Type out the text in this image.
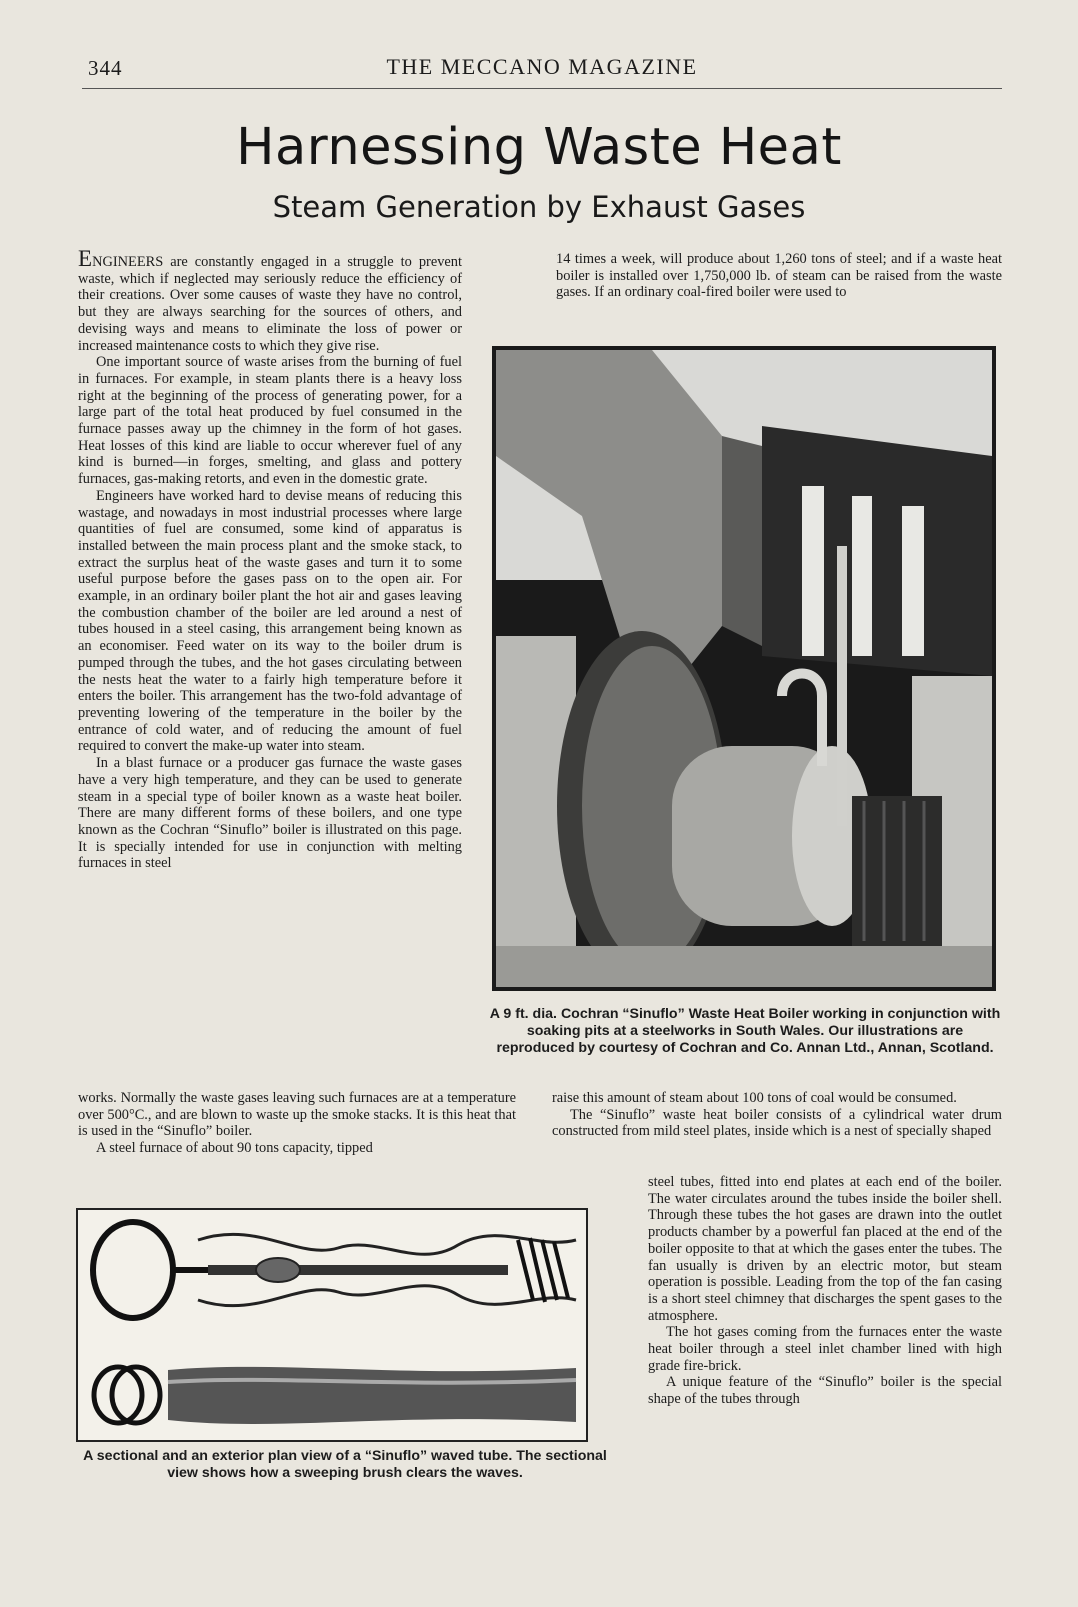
344	THE MECCANO MAGAZINE
Harnessing Waste Heat
Steam Generation by Exhaust Gases

ENGINEERS are constantly engaged in a struggle to prevent waste, which if neglected may seriously reduce the efficiency of their creations. Over some causes of waste they have no control, but they are always searching for the sources of others, and devising ways and means to eliminate the loss of power or increased maintenance costs to which they give rise.

One important source of waste arises from the burning of fuel in furnaces. For example, in steam plants there is a heavy loss right at the beginning of the process of generating power, for a large part of the total heat produced by fuel consumed in the furnace passes away up the chimney in the form of hot gases. Heat losses of this kind are liable to occur wherever fuel of any kind is burned—in forges, smelting, and glass and pottery furnaces, gas-making retorts, and even in the domestic grate.

Engineers have worked hard to devise means of reducing this wastage, and nowadays in most industrial processes where large quantities of fuel are consumed, some kind of apparatus is installed between the main process plant and the smoke stack, to extract the surplus heat of the waste gases and turn it to some useful purpose before the gases pass on to the open air. For example, in an ordinary boiler plant the hot air and gases leaving the combustion chamber of the boiler are led around a nest of tubes housed in a steel casing, this arrangement being known as an economiser. Feed water on its way to the boiler drum is pumped through the tubes, and the hot gases circulating between the nests heat the water to a fairly high temperature before it enters the boiler. This arrangement has the two-fold advantage of preventing lowering of the temperature in the boiler by the entrance of cold water, and of reducing the amount of fuel required to convert the make-up water into steam.

In a blast furnace or a producer gas furnace the waste gases have a very high temperature, and they can be used to generate steam in a special type of boiler known as a waste heat boiler. There are many different forms of these boilers, and one type known as the Cochran “Sinuflo” boiler is illustrated on this page. It is specially intended for use in conjunction with melting furnaces in steel

14 times a week, will produce about 1,260 tons of steel; and if a waste heat boiler is installed over 1,750,000 lb. of steam can be raised from the waste gases. If an ordinary coal-fired boiler were used to

A 9 ft. dia. Cochran “Sinuflo” Waste Heat Boiler working in conjunction with soaking pits at a steelworks in South Wales. Our illustrations are reproduced by courtesy of Cochran and Co. Annan Ltd., Annan, Scotland.

works. Normally the waste gases leaving such furnaces are at a temperature over 500°C., and are blown to waste up the smoke stacks. It is this heat that is used in the “Sinuflo” boiler.

A steel furnace of about 90 tons capacity, tipped

raise this amount of steam about 100 tons of coal would be consumed.

The “Sinuflo” waste heat boiler consists of a cylindrical water drum constructed from mild steel plates, inside which is a nest of specially shaped

steel tubes, fitted into end plates at each end of the boiler. The water circulates around the tubes inside the boiler shell. Through these tubes the hot gases are drawn into the outlet products chamber by a powerful fan placed at the end of the boiler opposite to that at which the gases enter the tubes. The fan usually is driven by an electric motor, but steam operation is possible. Leading from the top of the fan casing is a short steel chimney that discharges the spent gases to the atmosphere.

The hot gases coming from the furnaces enter the waste heat boiler through a steel inlet chamber lined with high grade fire-brick.

A unique feature of the “Sinuflo” boiler is the special shape of the tubes through

A sectional and an exterior plan view of a “Sinuflo” waved tube. The sectional view shows how a sweeping brush clears the waves.
